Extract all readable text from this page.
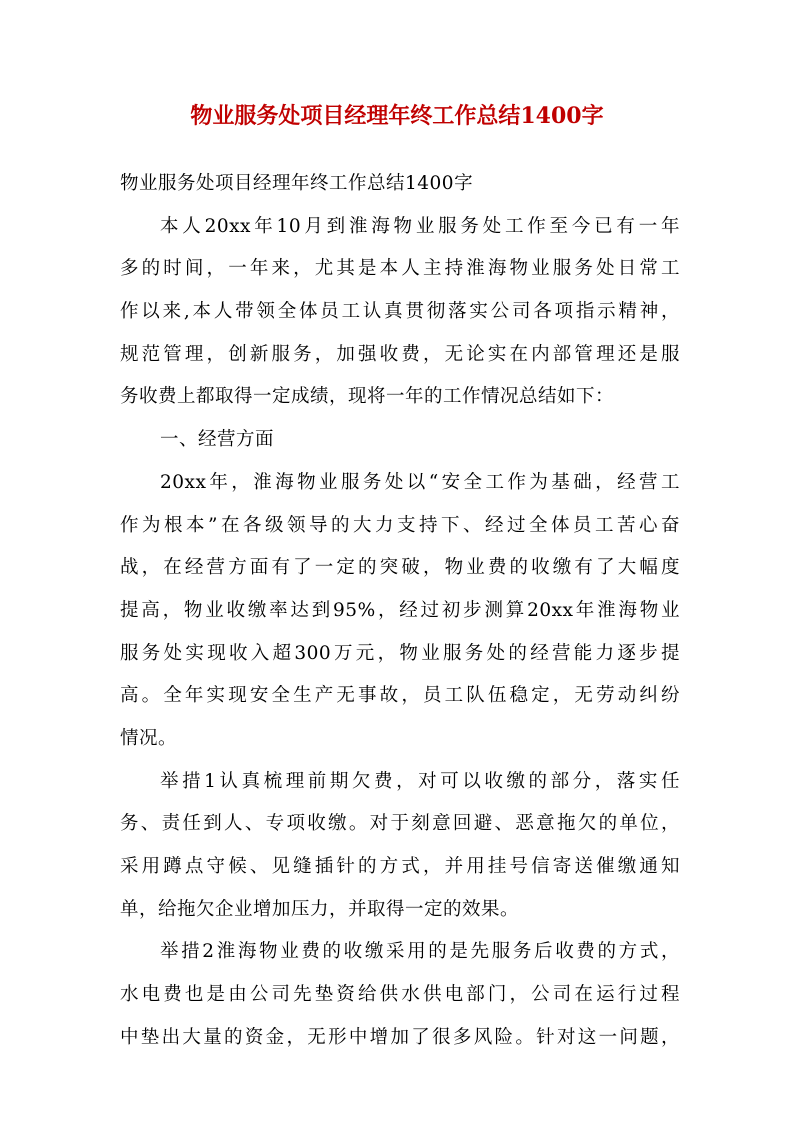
物业服务处项目经理年终工作总结1400字
物业服务处项目经理年终工作总结1400字
本人20xx年10月到淮海物业服务处工作至今已有一年
多的时间，一年来，尤其是本人主持淮海物业服务处日常工
作以来,本人带领全体员工认真贯彻落实公司各项指示精神，
规范管理，创新服务，加强收费，无论实在内部管理还是服
务收费上都取得一定成绩，现将一年的工作情况总结如下：
一、经营方面
20xx年，淮海物业服务处以“安全工作为基础，经营工
作为根本”在各级领导的大力支持下、经过全体员工苦心奋
战，在经营方面有了一定的突破，物业费的收缴有了大幅度
提高，物业收缴率达到95%，经过初步测算20xx年淮海物业
服务处实现收入超300万元，物业服务处的经营能力逐步提
高。全年实现安全生产无事故，员工队伍稳定，无劳动纠纷
情况。
举措1认真梳理前期欠费，对可以收缴的部分，落实任
务、责任到人、专项收缴。对于刻意回避、恶意拖欠的单位，
采用蹲点守候、见缝插针的方式，并用挂号信寄送催缴通知
单，给拖欠企业增加压力，并取得一定的效果。
举措2淮海物业费的收缴采用的是先服务后收费的方式，
水电费也是由公司先垫资给供水供电部门，公司在运行过程
中垫出大量的资金，无形中增加了很多风险。针对这一问题，
